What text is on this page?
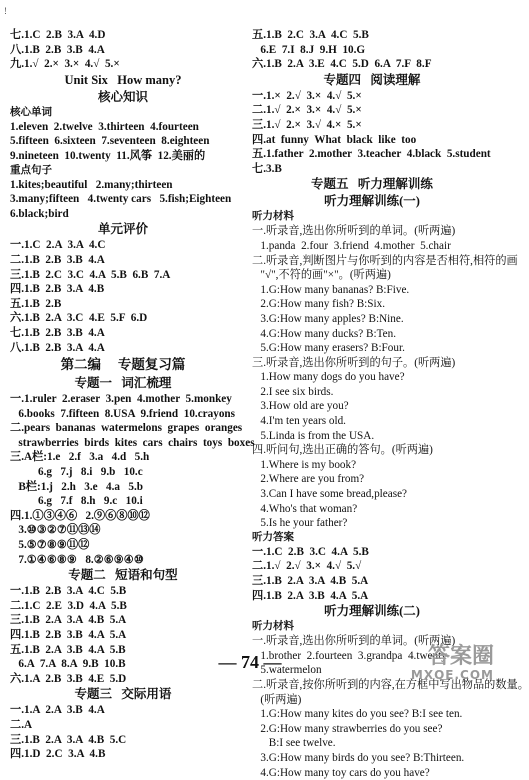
!
七.1.C  2.B  3.A  4.D
八.1.B  2.B  3.B  4.A
九.1.√  2.×  3.×  4.√  5.×
Unit Six   How many?
核心知识
核心单词
1.eleven  2.twelve  3.thirteen  4.fourteen
5.fifteen  6.sixteen  7.seventeen  8.eighteen
9.nineteen  10.twenty  11.风筝  12.美丽的
重点句子
1.kites;beautiful   2.many;thirteen
3.many;fifteen   4.twenty cars   5.fish;Eighteen
6.black;bird
单元评价
一.1.C  2.A  3.A  4.C
二.1.B  2.B  3.B  4.A
三.1.B  2.C  3.C  4.A  5.B  6.B  7.A
四.1.B  2.B  3.A  4.B
五.1.B  2.B
六.1.B  2.A  3.C  4.E  5.F  6.D
七.1.B  2.B  3.B  4.A
八.1.B  2.B  3.A  4.A
第二编     专题复习篇
专题一   词汇梳理
一.1.ruler  2.eraser  3.pen  4.mother  5.monkey
6.books  7.fifteen  8.USA  9.friend  10.crayons
二.pears  bananas  watermelons  grapes  oranges
strawberries  birds  kites  cars  chairs  toys  boxes
三.A栏:1.e   2.f   3.a   4.d   5.h
6.g   7.j   8.i   9.b   10.c
B栏:1.j   2.h   3.e   4.a   5.b
6.g   7.f   8.h   9.c   10.i
四.1.①③④⑥   2.⑨⑥⑧⑩⑫
3.⑩③②⑦⑪⑬⑭
5.⑤⑦⑧⑨⑪⑫
7.①④⑥⑧⑨   8.②⑥⑨④⑩
专题二   短语和句型
一.1.B  2.B  3.A  4.C  5.B
二.1.C  2.E  3.D  4.A  5.B
三.1.B  2.A  3.A  4.B  5.A
四.1.B  2.B  3.B  4.A  5.A
五.1.B  2.A  3.B  4.A  5.B
6.A  7.A  8.A  9.B  10.B
六.1.A  2.B  3.B  4.E  5.D
专题三   交际用语
一.1.A  2.A  3.B  4.A
二.A
三.1.B  2.A  3.A  4.B  5.C
四.1.D  2.C  3.A  4.B
五.1.B  2.C  3.A  4.C  5.B
6.E  7.I  8.J  9.H  10.G
六.1.B  2.A  3.E  4.C  5.D  6.A  7.F  8.F
专题四   阅读理解
一.1.×  2.√  3.×  4.√  5.×
二.1.√  2.×  3.×  4.√  5.×
三.1.√  2.×  3.√  4.×  5.×
四.at  funny  What  black  like  too
五.1.father  2.mother  3.teacher  4.black  5.student
七.3.B
专题五   听力理解训练
听力理解训练(一)
听力材料
一.听录音,选出你所听到的单词。(听两遍)
1.panda  2.four  3.friend  4.mother  5.chair
二.听录音,判断图片与你听到的内容是否相符,相符的画
"√",不符的画"×"。(听两遍)
1.G:How many bananas? B:Five.
2.G:How many fish? B:Six.
3.G:How many apples? B:Nine.
4.G:How many ducks? B:Ten.
5.G:How many erasers? B:Four.
三.听录音,选出你所听到的句子。(听两遍)
1.How many dogs do you have?
2.I see six birds.
3.How old are you?
4.I'm ten years old.
5.Linda is from the USA.
四.听问句,选出正确的答句。(听两遍)
1.Where is my book?
2.Where are you from?
3.Can I have some bread,please?
4.Who's that woman?
5.Is he your father?
听力答案
一.1.C  2.B  3.C  4.A  5.B
二.1.√  2.√  3.×  4.√  5.√
三.1.B  2.A  3.A  4.B  5.A
四.1.B  2.A  3.B  4.A  5.A
听力理解训练(二)
听力材料
一.听录音,选出你所听到的单词。(听两遍)
1.brother  2.fourteen  3.grandpa  4.twenty
5.watermelon
二.听录音,按你所听到的内容,在方框中写出物品的数量。
(听两遍)
1.G:How many kites do you see? B:I see ten.
2.G:How many strawberries do you see?
B:I see twelve.
3.G:How many birds do you see? B:Thirteen.
4.G:How many toy cars do you have?
— 74 —	答案圈
MXQE.COM
